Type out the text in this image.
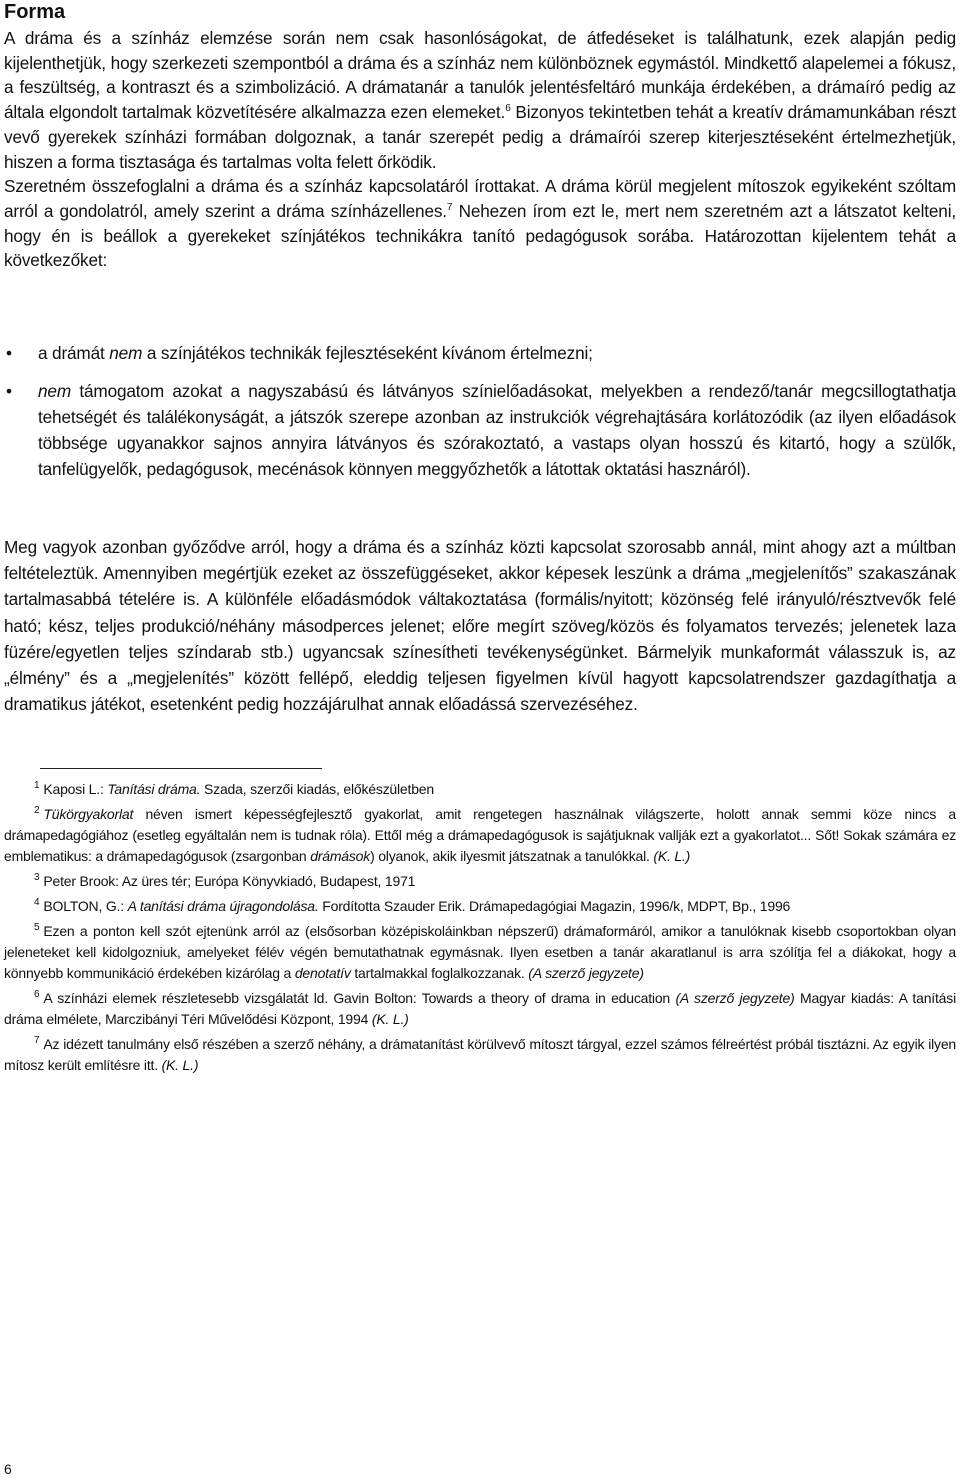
Forma

A dráma és a színház elemzése során nem csak hasonlóságokat, de átfedéseket is találhatunk, ezek alapján pedig kijelenthetjük, hogy szerkezeti szempontból a dráma és a színház nem különböznek egymástól. Mindkettő alapelemei a fókusz, a feszültség, a kontraszt és a szimbolizáció. A drámatanár a tanulók jelentésfeltáró munkája érdekében, a drámaíró pedig az általa elgondolt tartalmak közvetítésére alkalmazza ezen elemeket.$^6$ Bizonyos tekintetben tehát a kreatív drámamunkában részt vevő gyerekek színházi formában dolgoznak, a tanár szerepét pedig a drámaírói szerep kiterjesztéseként értelmezhetjük, hiszen a forma tisztasága és tartalmas volta felett őrködik.

Szeretném összefoglalni a dráma és a színház kapcsolatáról írottakat. A dráma körül megjelent mítoszok egyikeként szóltam arról a gondolatról, amely szerint a dráma színházellenes.$^7$ Nehezen írom ezt le, mert nem szeretném azt a látszatot kelteni, hogy én is beállok a gyerekeket színjátékos technikákra tanító pedagógusok sorába. Határozottan kijelentem tehát a következőket:

• a drámát nem a színjátékos technikák fejlesztéseként kívánom értelmezni;
• nem támogatom azokat a nagyszabású és látványos színielőadásokat, melyekben a rendező/tanár megcsillogtathatja tehetségét és találékonyságát, a játszók szerepe azonban az instrukciók végrehajtására korlátozódik (az ilyen előadások többsége ugyanakkor sajnos annyira látványos és szórakoztató, a vastaps olyan hosszú és kitartó, hogy a szülők, tanfelügyelők, pedagógusok, mecénások könnyen meggyőzhetők a látottak oktatási hasznáról).

Meg vagyok azonban győződve arról, hogy a dráma és a színház közti kapcsolat szorosabb annál, mint ahogy azt a múltban feltételeztük. Amennyiben megértjük ezeket az összefüggéseket, akkor képesek leszünk a dráma „megjelenítős” szakaszának tartalmasabbá tételére is. A különféle előadásmódok váltakoztatása (formális/nyitott; közönség felé irányuló/résztvevők felé ható; kész, teljes produkció/néhány másodperces jelenet; előre megírt szöveg/közös és folyamatos tervezés; jelenetek laza füzére/egyetlen teljes színdarab stb.) ugyancsak színesítheti tevékenységünket. Bármelyik munkaformát válasszuk is, az „élmény” és a „megjelenítés” között fellépő, eleddig teljesen figyelmen kívül hagyott kapcsolatrendszer gazdagíthatja a dramatikus játékot, esetenként pedig hozzájárulhat annak előadássá szervezéséhez.

$^1$ Kaposi L.: Tanítási dráma. Szada, szerzői kiadás, előkészületben

$^2$ Tükörgyakorlat néven ismert képességfejlesztő gyakorlat, amit rengetegen használnak világszerte, holott annak semmi köze nincs a drámapedagógiához (esetleg egyáltalán nem is tudnak róla). Ettől még a drámapedagógusok is sajátjuknak vallják ezt a gyakorlatot... Sőt! Sokak számára ez emblematikus: a drámapedagógusok (zsargonban drámások) olyanok, akik ilyesmit játszatnak a tanulókkal. (K. L.)

$^3$ Peter Brook: Az üres tér; Európa Könyvkiadó, Budapest, 1971

$^4$ BOLTON, G.: A tanítási dráma újragondolása. Fordította Szauder Erik. Drámapedagógiai Magazin, 1996/k, MDPT, Bp., 1996

$^5$ Ezen a ponton kell szót ejtenünk arról az (elsősorban középiskoláinkban népszerű) drámaformáról, amikor a tanulóknak kisebb csoportokban olyan jeleneteket kell kidolgozniuk, amelyeket félév végén bemutathatnak egymásnak. Ilyen esetben a tanár akaratlanul is arra szólítja fel a diákokat, hogy a könnyebb kommunikáció érdekében kizárólag a denotatív tartalmakkal foglalkozzanak. (A szerző jegyzete)

$^6$ A színházi elemek részletesebb vizsgálatát ld. Gavin Bolton: Towards a theory of drama in education (A szerző jegyzete) Magyar kiadás: A tanítási dráma elmélete, Marczibányi Téri Művelődési Központ, 1994 (K. L.)

$^7$ Az idézett tanulmány első részében a szerző néhány, a drámatanítást körülvevő mítoszt tárgyal, ezzel számos félreértést próbál tisztázni. Az egyik ilyen mítosz került említésre itt. (K. L.)

6
